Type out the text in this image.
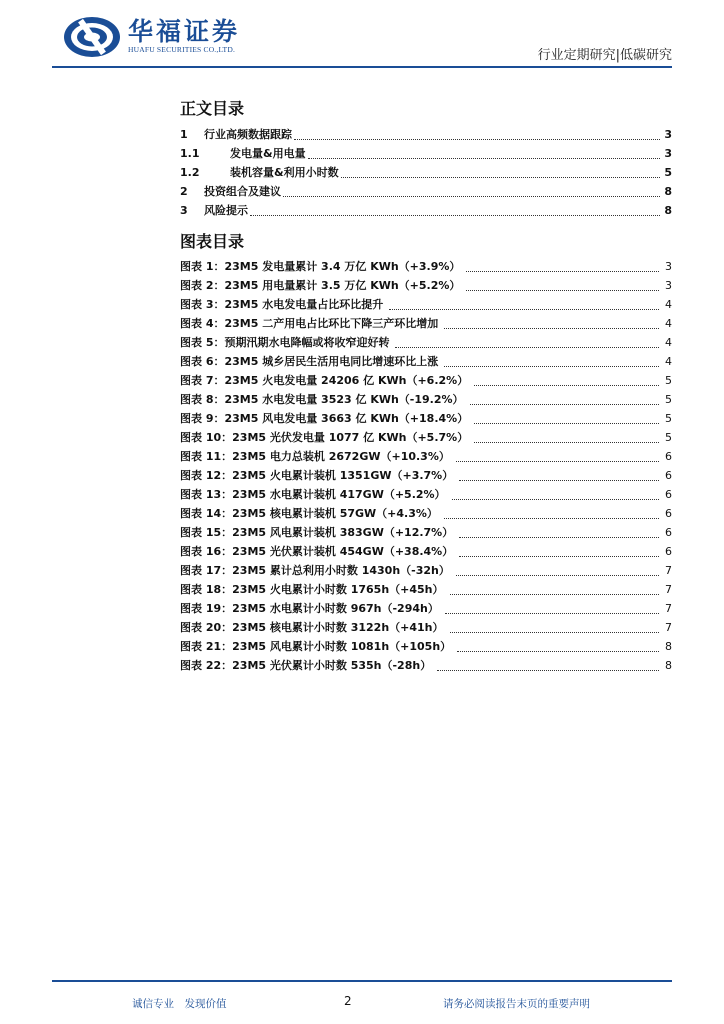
华福证券
HUAFU SECURITIES CO.,LTD.	行业定期研究|低碳研究
正文目录
1	行业高频数据跟踪	3
1.1	发电量&用电量	3
1.2	装机容量&利用小时数	5
2	投资组合及建议	8
3	风险提示	8
图表目录
图表 1：23M5 发电量累计 3.4 万亿 KWh（+3.9%）	3
图表 2：23M5 用电量累计 3.5 万亿 KWh（+5.2%）	3
图表 3：23M5 水电发电量占比环比提升	4
图表 4：23M5 二产用电占比环比下降三产环比增加	4
图表 5：预期汛期水电降幅或将收窄迎好转	4
图表 6：23M5 城乡居民生活用电同比增速环比上涨	4
图表 7：23M5 火电发电量 24206 亿 KWh（+6.2%）	5
图表 8：23M5 水电发电量 3523 亿 KWh（-19.2%）	5
图表 9：23M5 风电发电量 3663 亿 KWh（+18.4%）	5
图表 10：23M5 光伏发电量 1077 亿 KWh（+5.7%）	5
图表 11：23M5 电力总装机 2672GW（+10.3%）	6
图表 12：23M5 火电累计装机 1351GW（+3.7%）	6
图表 13：23M5 水电累计装机 417GW（+5.2%）	6
图表 14：23M5 核电累计装机 57GW（+4.3%）	6
图表 15：23M5 风电累计装机 383GW（+12.7%）	6
图表 16：23M5 光伏累计装机 454GW（+38.4%）	6
图表 17：23M5 累计总利用小时数 1430h（-32h）	7
图表 18：23M5 火电累计小时数 1765h（+45h）	7
图表 19：23M5 水电累计小时数 967h（-294h）	7
图表 20：23M5 核电累计小时数 3122h（+41h）	7
图表 21：23M5 风电累计小时数 1081h（+105h）	8
图表 22：23M5 光伏累计小时数 535h（-28h）	8
诚信专业　发现价值	2	请务必阅读报告末页的重要声明
